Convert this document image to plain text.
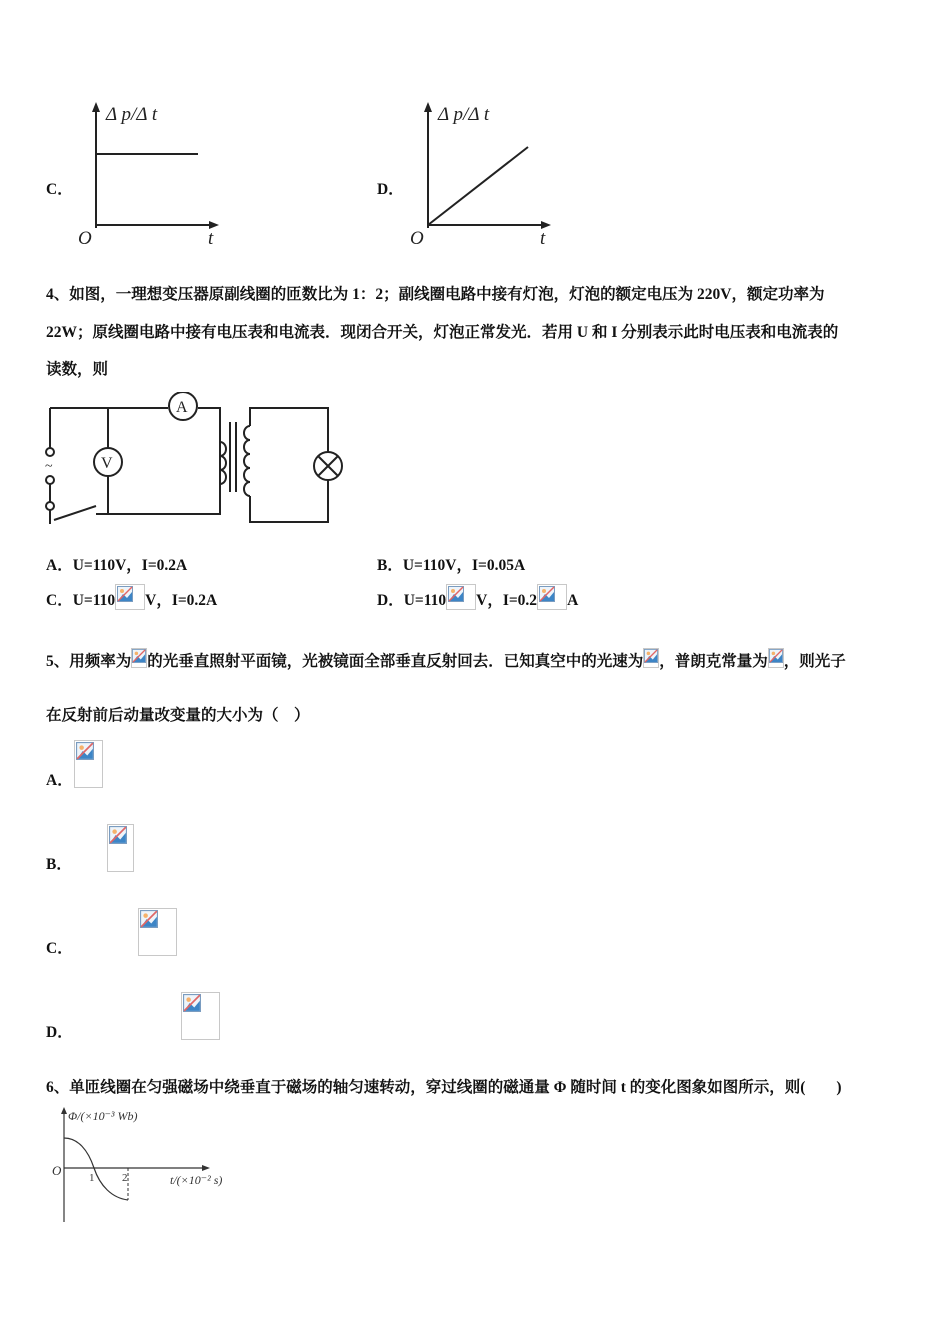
C．
Δ p/Δ t
t
O
D．
Δ p/Δ t
t
O
4、如图，一理想变压器原副线圈的匝数比为 1：2；副线圈电路中接有灯泡，灯泡的额定电压为 220V，额定功率为
22W；原线圈电路中接有电压表和电流表．现闭合开关，灯泡正常发光．若用 U 和 I 分别表示此时电压表和电流表的
读数，则
A
~	V
A．U=110V，I=0.2A	B．U=110V，I=0.05A
C．U=110 V，I=0.2A	D．U=110 V，I=0.2 A
5、用频率为 的光垂直照射平面镜，光被镜面全部垂直反射回去．已知真空中的光速为 ，普朗克常量为 ，则光子
在反射前后动量改变量的大小为（　）
A．

B．

C．

D．
6、单匝线圈在匀强磁场中绕垂直于磁场的轴匀速转动，穿过线圈的磁通量 Φ 随时间 t 的变化图象如图所示，则(　　)
Φ/(×10⁻³ Wb)
O	1	2	t/(×10⁻² s)
